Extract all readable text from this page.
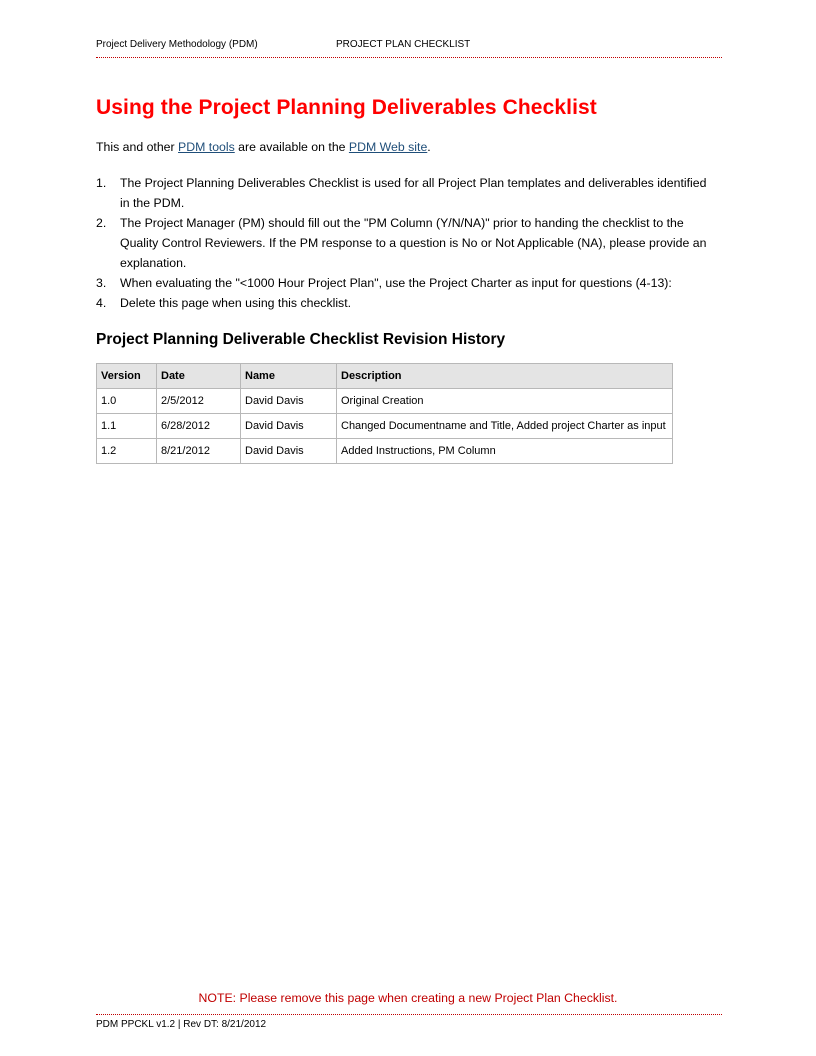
Project Delivery Methodology (PDM)	PROJECT PLAN CHECKLIST
Using the Project Planning Deliverables Checklist
This and other PDM tools are available on the PDM Web site.
1. The Project Planning Deliverables Checklist is used for all Project Plan templates and deliverables identified in the PDM.
2. The Project Manager (PM) should fill out the "PM Column (Y/N/NA)" prior to handing the checklist to the Quality Control Reviewers. If the PM response to a question is No or Not Applicable (NA), please provide an explanation.
3. When evaluating the "<1000 Hour Project Plan", use the Project Charter as input for questions (4-13):
4. Delete this page when using this checklist.
Project Planning Deliverable Checklist Revision History
Version	Date	Name	Description
1.0	2/5/2012	David Davis	Original Creation
1.1	6/28/2012	David Davis	Changed Documentname and Title, Added project Charter as input
1.2	8/21/2012	David Davis	Added Instructions, PM Column
NOTE: Please remove this page when creating a new Project Plan Checklist.
PDM PPCKL v1.2 | Rev DT: 8/21/2012
